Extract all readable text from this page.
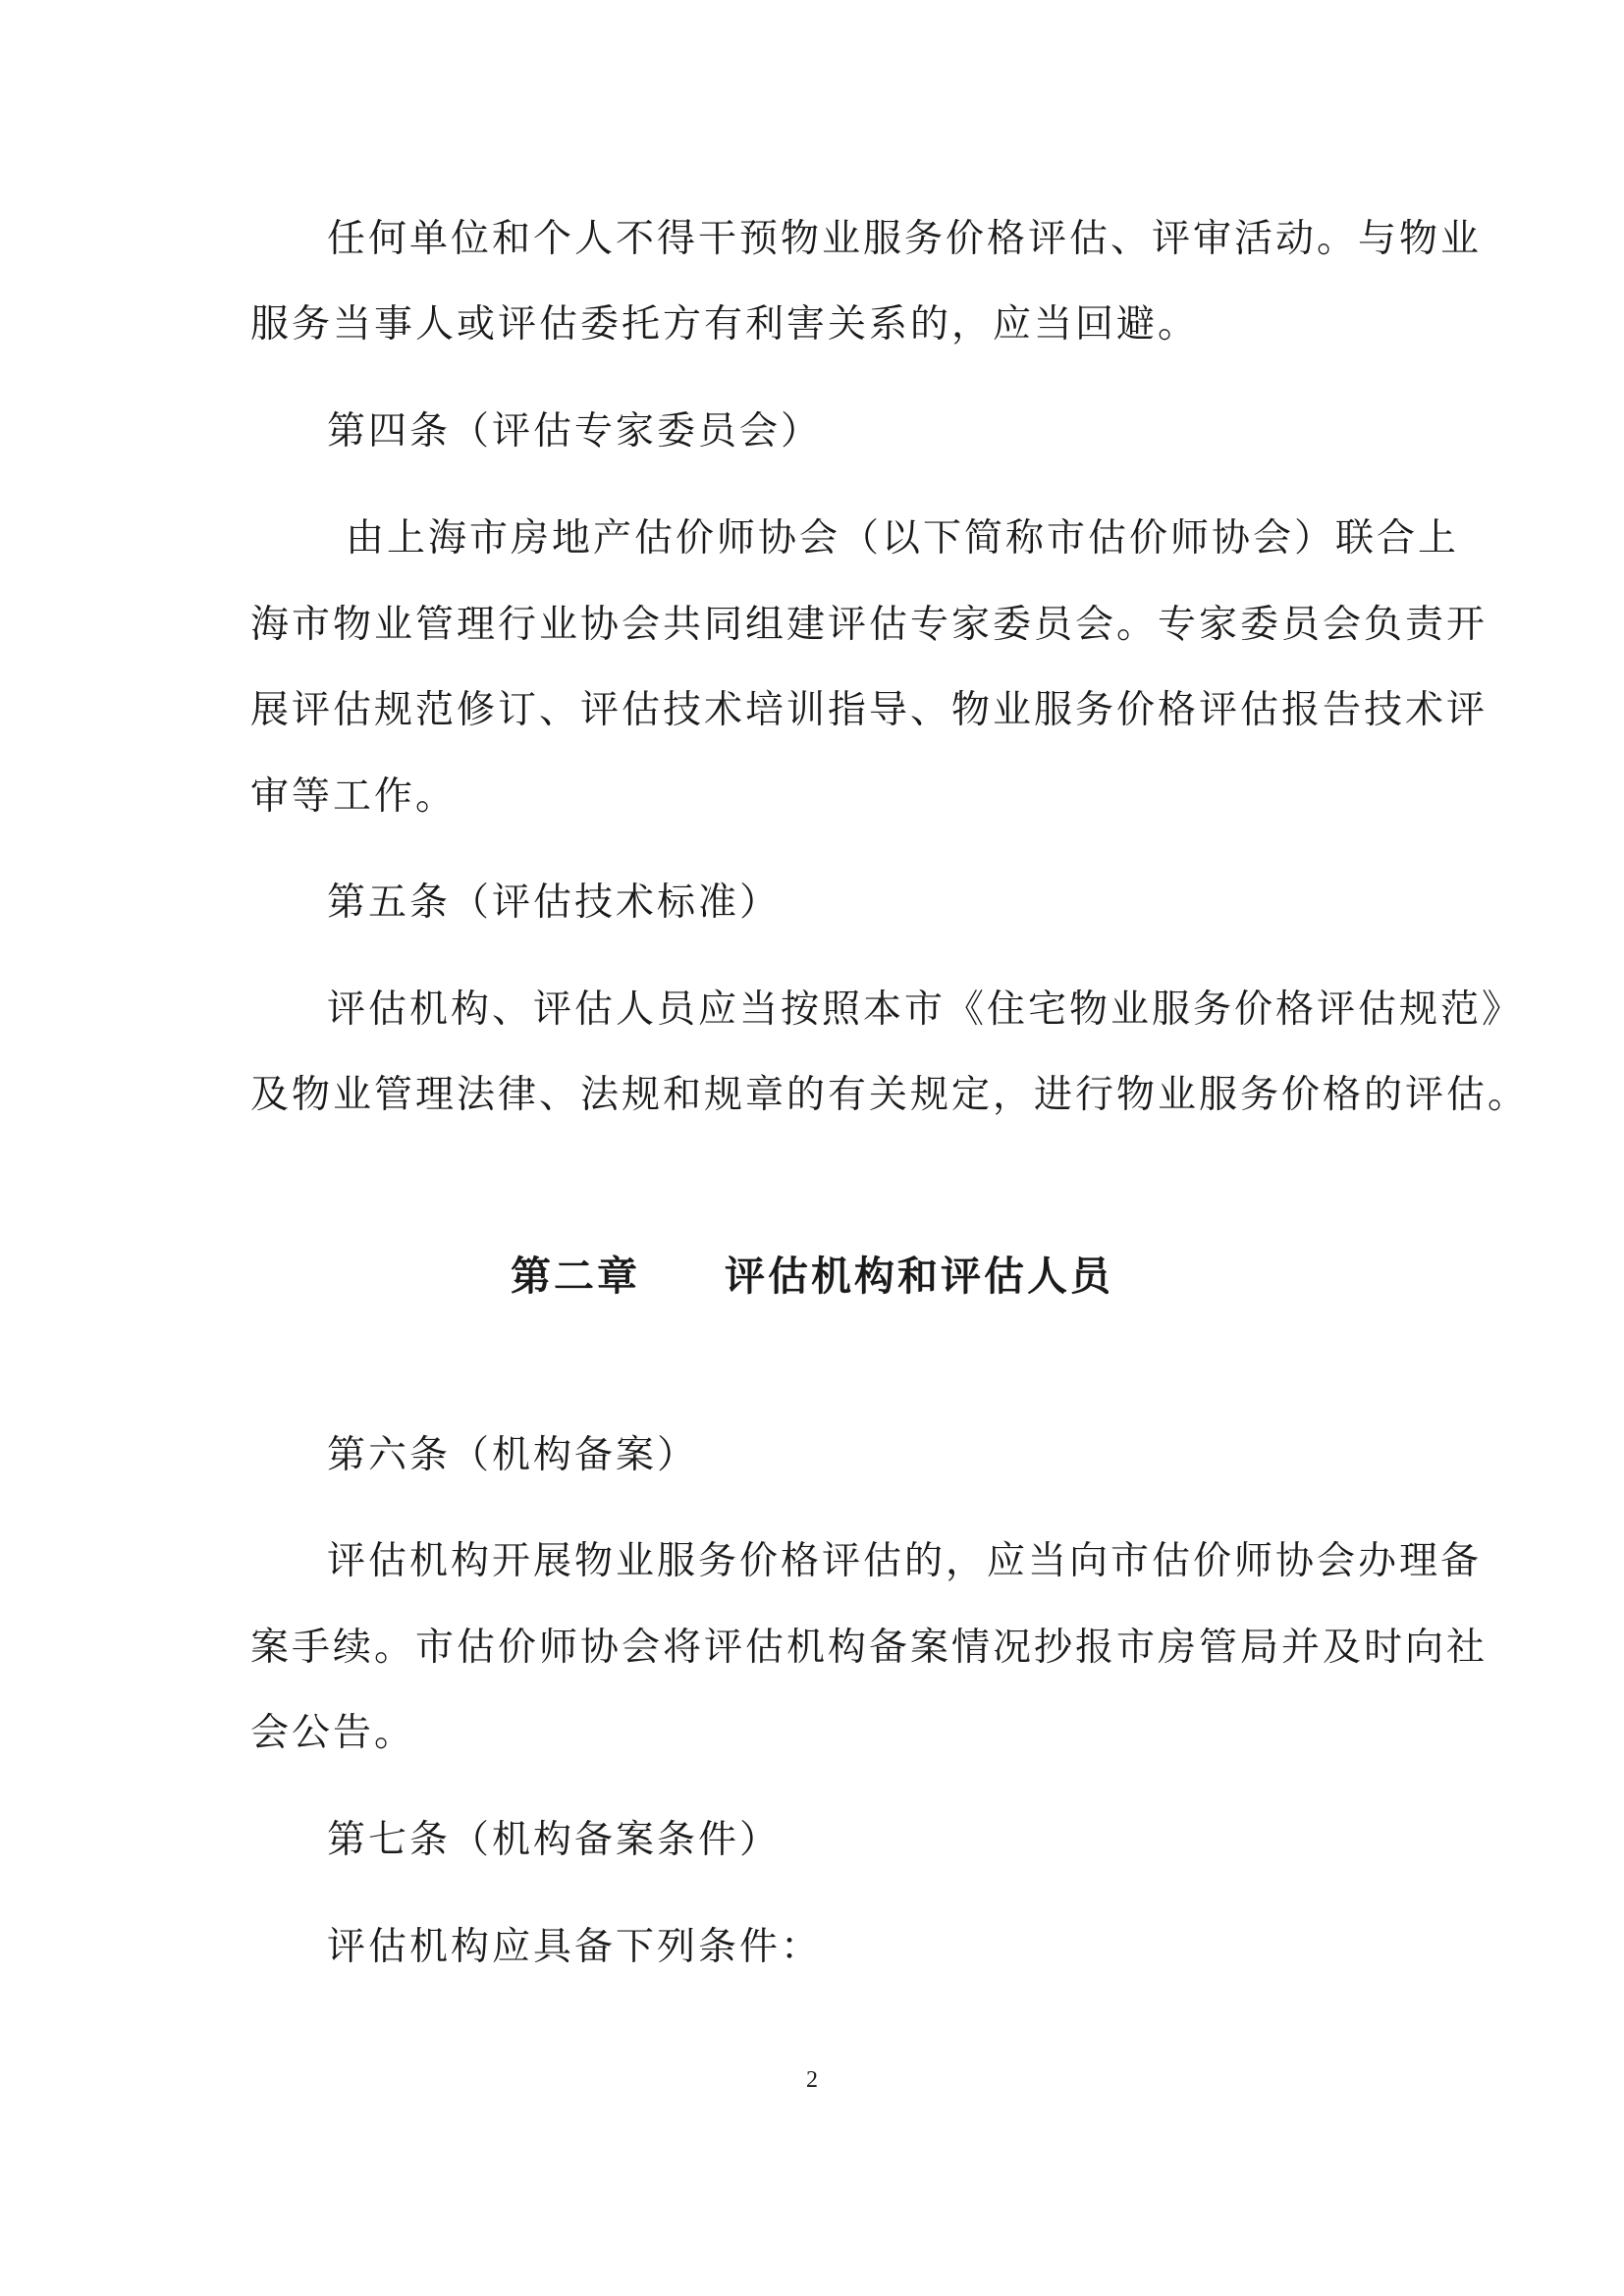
任何单位和个人不得干预物业服务价格评估、评审活动。与物业
服务当事人或评估委托方有利害关系的，应当回避。
第四条（评估专家委员会）
由上海市房地产估价师协会（以下简称市估价师协会）联合上
海市物业管理行业协会共同组建评估专家委员会。专家委员会负责开
展评估规范修订、评估技术培训指导、物业服务价格评估报告技术评
审等工作。
第五条（评估技术标准）
评估机构、评估人员应当按照本市《住宅物业服务价格评估规范》
及物业管理法律、法规和规章的有关规定，进行物业服务价格的评估。
第二章 评估机构和评估人员
第六条（机构备案）
评估机构开展物业服务价格评估的，应当向市估价师协会办理备
案手续。市估价师协会将评估机构备案情况抄报市房管局并及时向社
会公告。
第七条（机构备案条件）
评估机构应具备下列条件：
2
